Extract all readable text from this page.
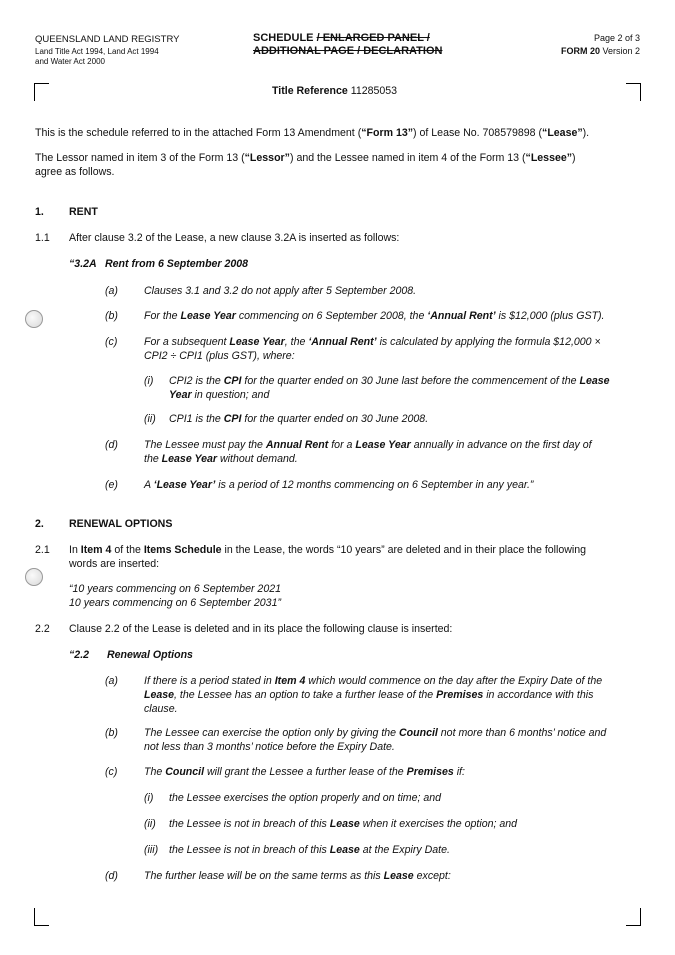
QUEENSLAND LAND REGISTRY
Land Title Act 1994, Land Act 1994
and Water Act 2000
SCHEDULE / ENLARGED PANEL /
ADDITIONAL PAGE / DECLARATION
Page 2 of 3
FORM 20 Version 2
Title Reference 11285053
This is the schedule referred to in the attached Form 13 Amendment (“Form 13”) of Lease No. 708579898 (“Lease”).
The Lessor named in item 3 of the Form 13 (“Lessor”) and the Lessee named in item 4 of the Form 13 (“Lessee”)
agree as follows.
1. RENT
1.1 After clause 3.2 of the Lease, a new clause 3.2A is inserted as follows:
“3.2A Rent from 6 September 2008
(a) Clauses 3.1 and 3.2 do not apply after 5 September 2008.
(b) For the Lease Year commencing on 6 September 2008, the ‘Annual Rent’ is $12,000 (plus GST).
(c)	For a subsequent Lease Year, the ‘Annual Rent’ is calculated by applying the formula $12,000 ×
CPI2 ÷ CPI1 (plus GST), where:
(i) CPI2 is the CPI for the quarter ended on 30 June last before the commencement of the Lease
Year in question; and
(ii) CPI1 is the CPI for the quarter ended on 30 June 2008.
(d) The Lessee must pay the Annual Rent for a Lease Year annually in advance on the first day of
the Lease Year without demand.
(e) A ‘Lease Year’ is a period of 12 months commencing on 6 September in any year.”
2. RENEWAL OPTIONS
2.1 In Item 4 of the Items Schedule in the Lease, the words “10 years” are deleted and in their place the following
words are inserted:
“10 years commencing on 6 September 2021
10 years commencing on 6 September 2031”
2.2 Clause 2.2 of the Lease is deleted and in its place the following clause is inserted:
“2.2 Renewal Options
(a) If there is a period stated in Item 4 which would commence on the day after the Expiry Date of the
Lease, the Lessee has an option to take a further lease of the Premises in accordance with this
clause.
(b) The Lessee can exercise the option only by giving the Council not more than 6 months’ notice and
not less than 3 months’ notice before the Expiry Date.
(c)	The Council will grant the Lessee a further lease of the Premises if:
(i) the Lessee exercises the option properly and on time; and
(ii) the Lessee is not in breach of this Lease when it exercises the option; and
(iii) the Lessee is not in breach of this Lease at the Expiry Date.
(d) The further lease will be on the same terms as this Lease except:
